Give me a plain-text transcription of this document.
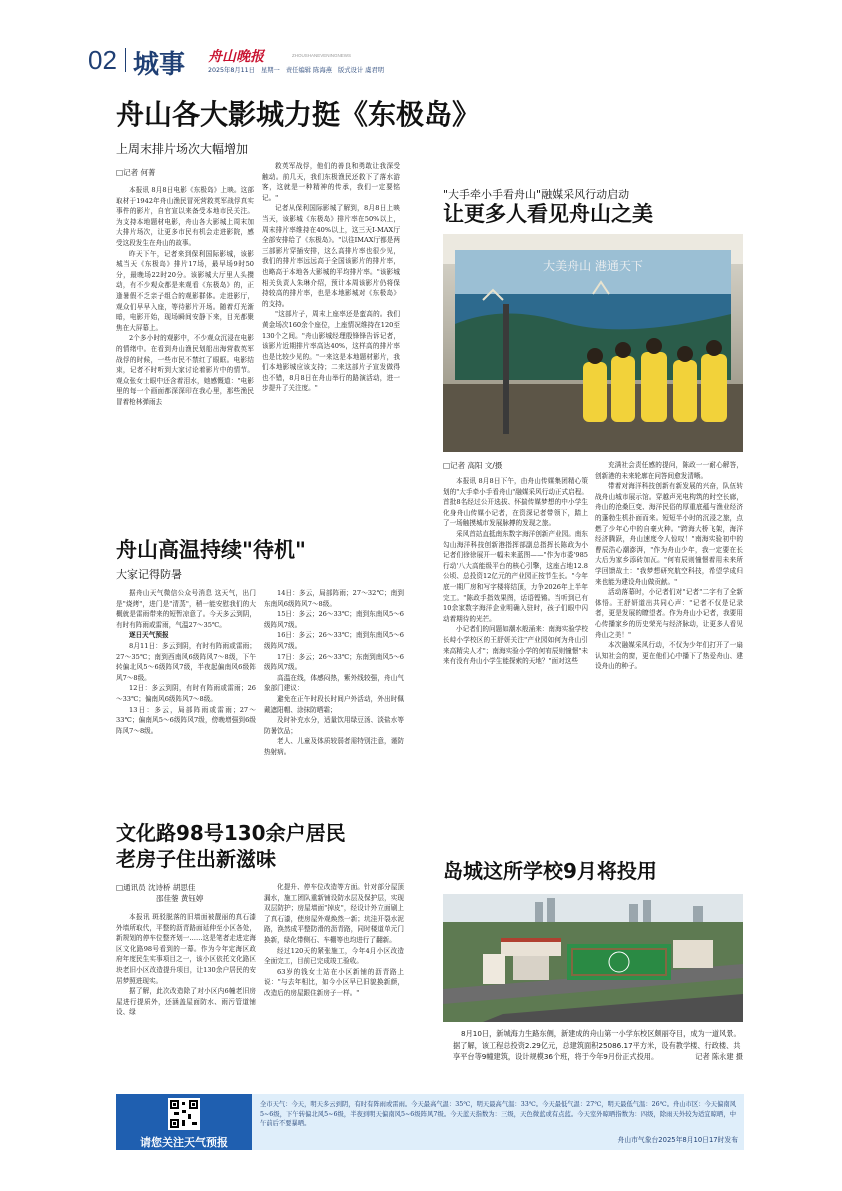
02 城事 舟山晚报	ZHOUSHANEVENINGNEWS
2025年8月11日 星期一 责任编辑 陈海燕 版式设计 虞君明
舟山各大影城力挺《东极岛》
上周末排片场次大幅增加
□记者 何菁

本报讯 8月8日电影《东极岛》上映。这部取材于1942年舟山渔民冒死营救英军战俘真实事件的影片，自官宣以来备受本地市民关注。为支持本地题材电影，舟山各大影城上周末加大排片场次，让更多市民有机会走进影院，感受这段发生在舟山的故事。

昨天下午，记者来到保利国际影城，该影城当天《东极岛》排片17场，最早场9时50分，最晚场22时20分。该影城大厅里人头攒动，有不少观众都是来观看《东极岛》的，正逢暑假不乏亲子组合的观影群体。走进影厅，观众们早早入座，等待影片开场。随着灯光渐暗，电影开始，现场瞬间安静下来，目光都聚焦在大屏幕上。

2个多小时的观影中，不少观众沉浸在电影的情绪中。在看到舟山渔民划船出海营救英军战俘的时候，一些市民不禁红了眼眶。电影结束，记者不时听到大家讨论着影片中的情节。观众张女士眼中还含着泪水，她感慨道："电影里的每一个画面都深深印在我心里，那些渔民冒着枪林弹雨去

救英军战俘，他们的善良和勇敢让我深受触动。前几天，我们东极渔民还救下了落水游客，这就是一种精神的传承，我们一定要铭记。"

记者从保利国际影城了解到，8月8日上映当天，该影城《东极岛》排片率在50%以上，周末排片率维持在40%以上，这三天I-MAX厅全部安排给了《东极岛》。"以往IMAX厅都是两三部影片穿插安排，这么高排片率也很少见，我们的排片率远远高于全国该影片的排片率，也略高于本地各大影城的平均排片率。"该影城相关负责人朱琳介绍，预计本周该影片仍将保持较高的排片率，也是本地影城对《东极岛》的支持。

"这部片子，周末上座率还是蛮高的。我们黄金场次160余个座位，上座情况维持在120至130个之间。"舟山影城经理殷锋锋告诉记者，该影片近期排片率高达40%，这样高的排片率也是比较少见的。"一来这是本地题材影片，我们本地影城应该支持；二来这部片子宣发做得也不错，8月8日在舟山举行的路演活动，进一步提升了关注度。"

"大手牵小手看舟山"融媒采风行动启动
让更多人看见舟山之美
大美舟山 港通天下
□记者 高阳 文/摄

本报讯 8月8日下午，由舟山传媒集团精心策划的"大手牵小手看舟山"融媒采风行动正式启程。首批8名经过公开选拔、怀揣传媒梦想的中小学生化身舟山传媒小记者，在资深记者带领下，踏上了一场触摸城市发展脉搏的发现之旅。

采风首站直抵南东数字海洋创新产业园。南东勾山海洋科技创新港指挥部副总指挥长陈政为小记者们徐徐展开一幅未来蓝图——"作为市委'985行动'八大高能级平台的核心引擎，这座占地12.8公顷、总投资12亿元的产业园正按节生长。"今年底一期厂房和写字楼将结顶，力争2026年上半年完工。"陈政手指效果图，话语铿锵。当听到已有10余家数字海洋企业明确入驻时，孩子们眼中闪动着期待的光芒。

小记者们的问题如潮水般涌来：南海实验学校长峙小学校区的王舒妍关注"产业园如何为舟山引来高精尖人才"；南海实验小学的何宥辰则憧憬"未来有没有舟山小学生能探索的天地？"面对这些

充满社会责任感的提问，陈政一一耐心解答，创新港的未来轮廓在问答间愈发清晰。

带着对海洋科技创新有新发展的兴奋，队伍转战舟山城市展示馆。穿越声光电构筑的时空长廊，舟山的沧桑巨变、海洋民俗的厚重底蕴与渔业经济的蓬勃生机扑面而来。短短半小时的沉浸之旅，点燃了少年心中的自豪火种。"跨海大桥飞架，海洋经济腾跃，舟山速度令人惊叹！"南海实验初中的曹辰浩心潮澎湃，"作为舟山少年，我一定要在长大后为家乡添砖加瓦。"何宥辰则憧憬着用未来所学回馈故土："我梦想研究航空科技，希望学成归来也能为建设舟山做贡献。"

活动落幕时，小记者们对"记者"二字有了全新体悟。王舒妍道出共同心声："记者不仅是记录者，更是发展的瞭望者。作为舟山小记者，我要用心传播家乡的历史荣光与经济脉动，让更多人看见舟山之美！"

本次融媒采风行动，不仅为少年们打开了一扇认知社会的窗，更在他们心中播下了热爱舟山、建设舟山的种子。

舟山高温持续"待机"
大家记得防暑

据舟山天气微信公众号消息 这天气，出门是"烧烤"，进门是"清蒸"，稍一能安慰我们的大概就是雷雨带来的短暂凉意了。今天多云到阴，有时有阵雨或雷雨，气温27～35℃。

逐日天气预报

8月11日：多云到阴，有时有阵雨或雷雨；27～35℃；南到西南风6级阵风7～8级，下午转偏北风5～6级阵风7级，半夜起偏南风6级阵风7～8级。

12日：多云到阴，有时有阵雨或雷雨；26～33℃；偏南风6级阵风7～8级。

13日：多云，局部阵雨或雷雨；27～33℃；偏南风5～6级阵风7级，傍晚增强到6级阵风7～8级。

14日：多云，局部阵雨；27～32℃；南到东南风6级阵风7～8级。

15日：多云；26～33℃；南到东南风5～6级阵风7级。

16日：多云；26～33℃；南到东南风5～6级阵风7级。

17日：多云；26～33℃；东南到南风5～6级阵风7级。

高温在线，体感闷热，紫外线较强，舟山气象部门建议：

避免在正午时段长时间户外活动，外出时佩戴遮阳帽、涂抹防晒霜；

及时补充水分，适量饮用绿豆汤、淡盐水等防暑饮品；

老人、儿童及体质较弱者需特别注意，谨防热射病。

文化路98号130余户居民
老房子住出新滋味
□通讯员 沈诗桥 胡思佳
邵佳蓥 黄钰婷

本报讯 斑驳脱落的旧墙面被靓丽的真石漆外墙所取代，平整的沥青路面延伸至小区各处，新规划的停车位整齐划一……这是笔者走进定海区文化路98号看到的一幕。作为今年定海区政府年度民生实事项目之一，该小区依托文化路区块老旧小区改造提升项目，让130余户居民的安居梦照进现实。

据了解，此次改造除了对小区内6幢老旧房屋进行提质外，还涵盖屋面防水、雨污管道铺设、绿

化提升、停车位改造等方面。针对部分屋顶漏水，施工团队重新铺设防水层及保护层，实现双层防护；房屋墙面"掉皮"，经设计外立面刷上了真石漆，使房屋外观焕然一新；坑洼开裂水泥路，涣然成平整防滑的沥青路，同时楼道单元门换新，绿化带侧石、车棚等也均进行了翻新。

经过120天的紧张施工，今年4月小区改造全面完工，目前已完成竣工验收。

63岁的钱女士站在小区新铺的沥青路上说："与去年相比，如今小区早已旧貌换新颜，改造后的房屋跟住新房子一样。"

岛城这所学校9月将投用
8月10日，新城海力生路东侧，新建成的舟山第一小学东校区颇丽夺目，成为一道风景。据了解，该工程总投资2.29亿元，总建筑面积25086.17平方米，设有教学楼、行政楼、共享平台等9幢建筑，设计规模36个班，将于今年9月份正式投用。	记者 陈永建 摄
请您关注天气预报
全市天气：今天，明天多云到阴，有时有阵雨或雷雨。今天最高气温：35℃，明天最高气温：33℃。今天最低气温：27℃，明天最低气温：26℃。舟山市区：今天偏南风5~6级，下午转偏北风5~6级，半夜到明天偏南风5~6级阵风7级。今天蓝天指数为：三级，天色微蓝或有点蓝。今天室外晾晒指数为：四级，除雨天外较为适宜晾晒，中午前后不要暴晒。
舟山市气象台2025年8月10日17时发布
